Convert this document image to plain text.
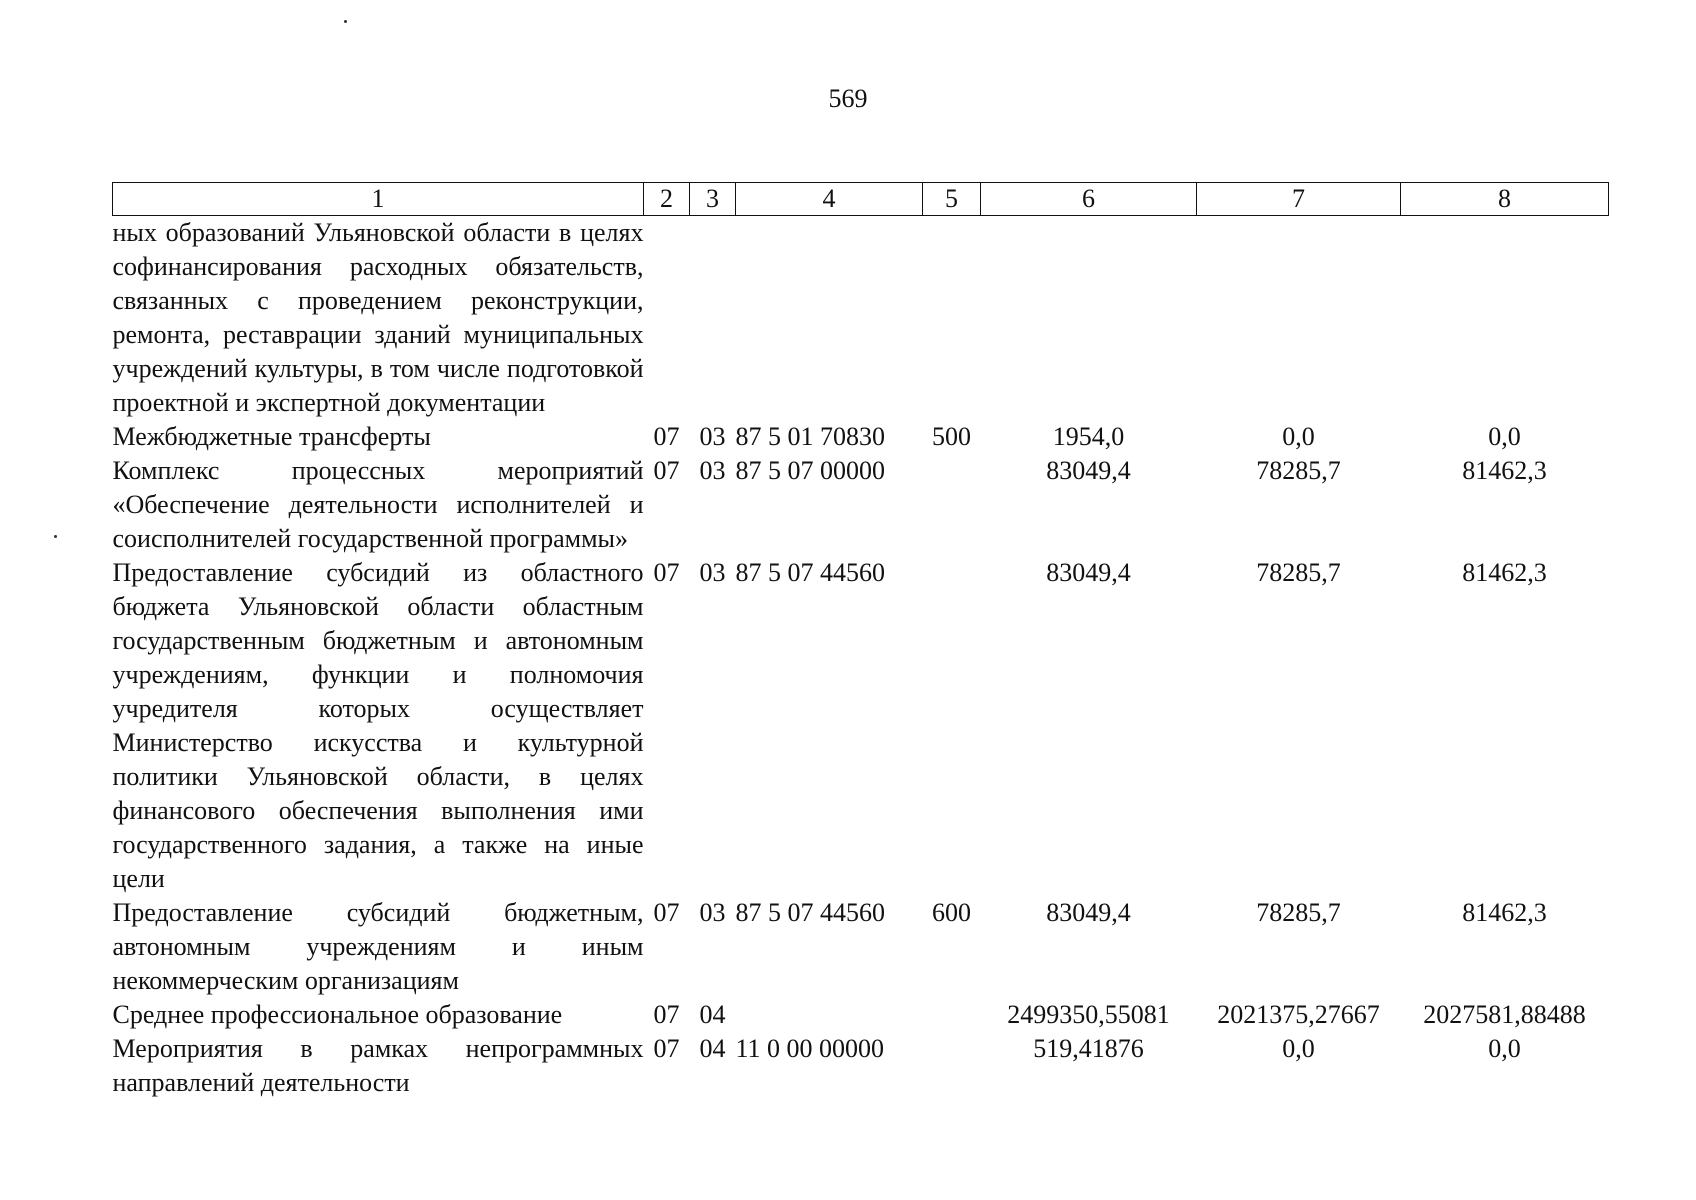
569
1	2	3	4	5	6	7	8
ных образований Ульяновской области в целях софинансирования расходных обязательств, связанных с проведением реконструкции, ремонта, реставрации зданий муниципальных учреждений культуры, в том числе подготовкой проектной и экспертной документации							
Межбюджетные трансферты	07	03	87 5 01 70830	500	1954,0	0,0	0,0
Комплекс процессных мероприятий «Обеспечение деятельности исполнителей и соисполнителей государственной программы»	07	03	87 5 07 00000		83049,4	78285,7	81462,3
Предоставление субсидий из областного бюджета Ульяновской области областным государственным бюджетным и автономным учреждениям, функции и полномочия учредителя которых осуществляет Министерство искусства и культурной политики Ульяновской области, в целях финансового обеспечения выполнения ими государственного задания, а также на иные цели	07	03	87 5 07 44560		83049,4	78285,7	81462,3
Предоставление субсидий бюджетным, автономным учреждениям и иным некоммерческим организациям	07	03	87 5 07 44560	600	83049,4	78285,7	81462,3
Среднее профессиональное образование	07	04			2499350,55081	2021375,27667	2027581,88488
Мероприятия в рамках непрограммных направлений деятельности	07	04	11 0 00 00000		519,41876	0,0	0,0
